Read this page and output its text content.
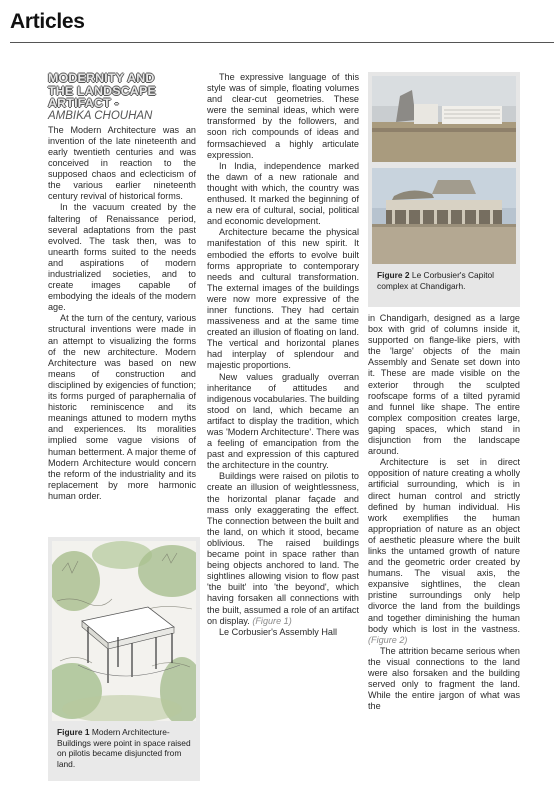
Articles
MODERNITY AND
THE LANDSCAPE
ARTIFACT -
AMBIKA CHOUHAN

The Modern Architecture was an invention of the late nineteenth and early twentieth centuries and was conceived in reaction to the supposed chaos and eclecticism of the various earlier nineteenth century revival of historical forms.

In the vacuum created by the faltering of Renaissance period, several adaptations from the past evolved. The task then, was to unearth forms suited to the needs and aspirations of modern industrialized societies, and to create images capable of embodying the ideals of the modern age.

At the turn of the century, various structural inventions were made in an attempt to visualizing the forms of the new architecture. Modern Architecture was based on new means of construction and disciplined by exigencies of function; its forms purged of paraphernalia of historic reminiscence and its meanings attuned to modern myths and experiences. Its moralities implied some vague visions of human betterment. A major theme of Modern Architecture would concern the reform of the industriality and its replacement by more harmonic human order.

The expressive language of this style was of simple, floating volumes and clear-cut geometries. These were the seminal ideas, which were transformed by the followers, and soon rich compounds of ideas and formsachieved a highly articulate expression.

In India, independence marked the dawn of a new rationale and thought with which, the country was enthused. It marked the beginning of a new era of cultural, social, political and economic development.

Architecture became the physical manifestation of this new spirit. It embodied the efforts to evolve built forms appropriate to contemporary needs and cultural transformation. The external images of the buildings were now more expressive of the inner functions. They had certain massiveness and at the same time created an illusion of floating on land. The vertical and horizontal planes had interplay of splendour and majestic proportions.

New values gradually overran inheritance of attitudes and indigenous vocabularies. The building stood on land, which became an artifact to display the tradition, which was 'Modern Architecture'. There was a feeling of emancipation from the past and expression of this captured the architecture in the country.

Buildings were raised on pilotis to create an illusion of weightlessness, the horizontal planar façade and mass only exaggerating the effect. The connection between the built and the land, on which it stood, became oblivious. The raised buildings became point in space rather than being objects anchored to land. The sightlines allowing vision to flow past 'the built' into 'the beyond', which having forsaken all connections with the built, assumed a role of an artifact on display. (Figure 1)

Le Corbusier's Assembly Hall

in Chandigarh, designed as a large box with grid of columns inside it, supported on flange-like piers, with the 'large' objects of the main Assembly and Senate set down into it. These are made visible on the exterior through the sculpted roofscape forms of a tilted pyramid and funnel like shape. The entire complex composition creates large, gaping spaces, which stand in disjunction from the landscape around.

Architecture is set in direct opposition of nature creating a wholly artificial surrounding, which is in direct human control and strictly defined by human individual. His work exemplifies the human appropriation of nature as an object of aesthetic pleasure where the built links the untamed growth of nature and the geometric order created by humans. The visual axis, the expansive sightlines, the clean pristine surroundings only help divorce the land from the buildings and together diminishing the human body which is lost in the vastness.(Figure 2)

The attrition became serious when the visual connections to the land were also forsaken and the building served only to fragment the land. While the entire jargon of what was the

Figure 1 Modern Architecture- Buildings were point in space raised on pilotis became disjuncted from land.
Figure 2 Le Corbusier's Capitol complex at Chandigarh.
